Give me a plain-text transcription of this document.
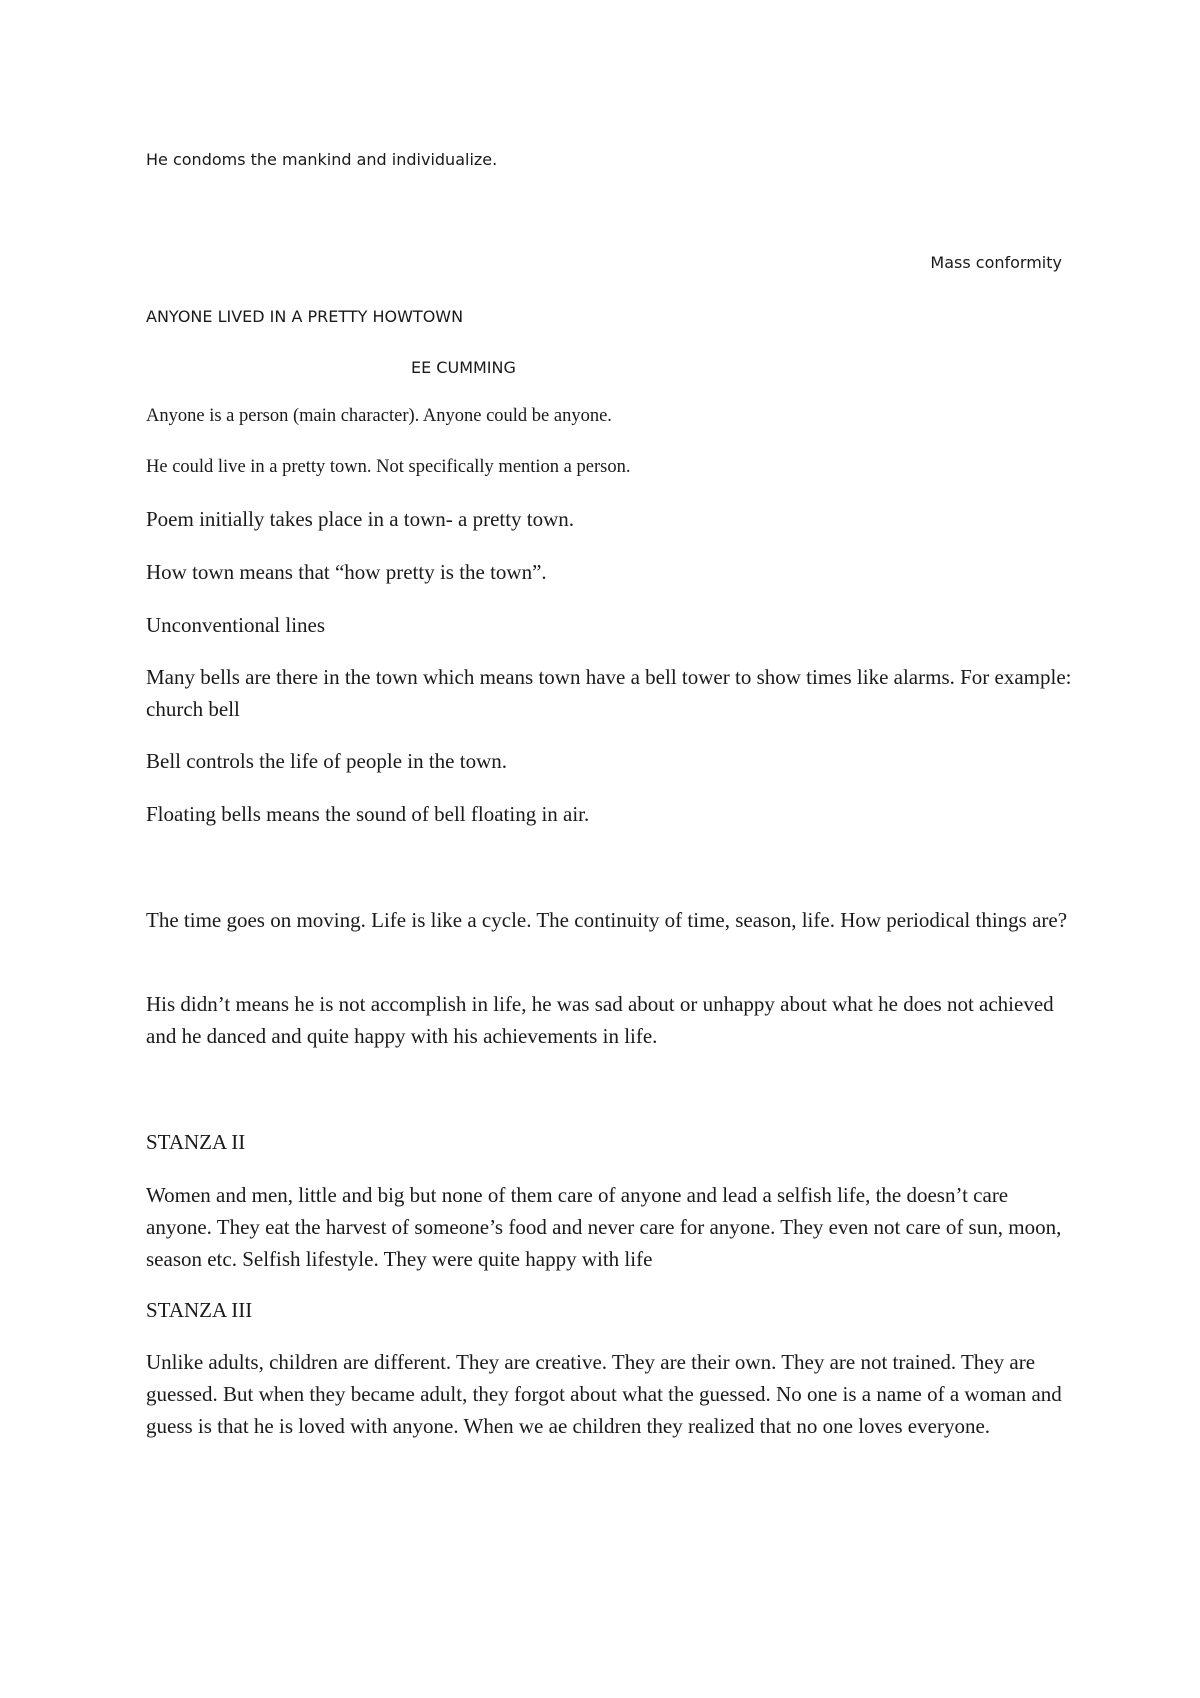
He condoms the mankind and individualize.

Mass conformity

ANYONE LIVED IN A PRETTY HOWTOWN

EE CUMMING

Anyone is a person (main character). Anyone could be anyone.

He could live in a pretty town. Not specifically mention a person.

Poem initially takes place in a town- a pretty town.

How town means that “how pretty is the town”.

Unconventional lines

Many bells are there in the town which means town have a bell tower to show times like alarms. For example: church bell

Bell controls the life of people in the town.

Floating bells means the sound of bell floating in air.

The time goes on moving. Life is like a cycle. The continuity of time, season, life. How periodical things are?

His didn’t means he is not accomplish in life, he was sad about or unhappy about what he does not achieved and he danced and quite happy with his achievements in life.

STANZA II

Women and men, little and big but none of them care of anyone and lead a selfish life, the doesn’t care anyone. They eat the harvest of someone’s food and never care for anyone. They even not care of sun, moon, season etc. Selfish lifestyle. They were quite happy with life

STANZA III

Unlike adults, children are different. They are creative. They are their own. They are not trained. They are guessed. But when they became adult, they forgot about what the guessed. No one is a name of a woman and guess is that he is loved with anyone. When we ae children they realized that no one loves everyone.
